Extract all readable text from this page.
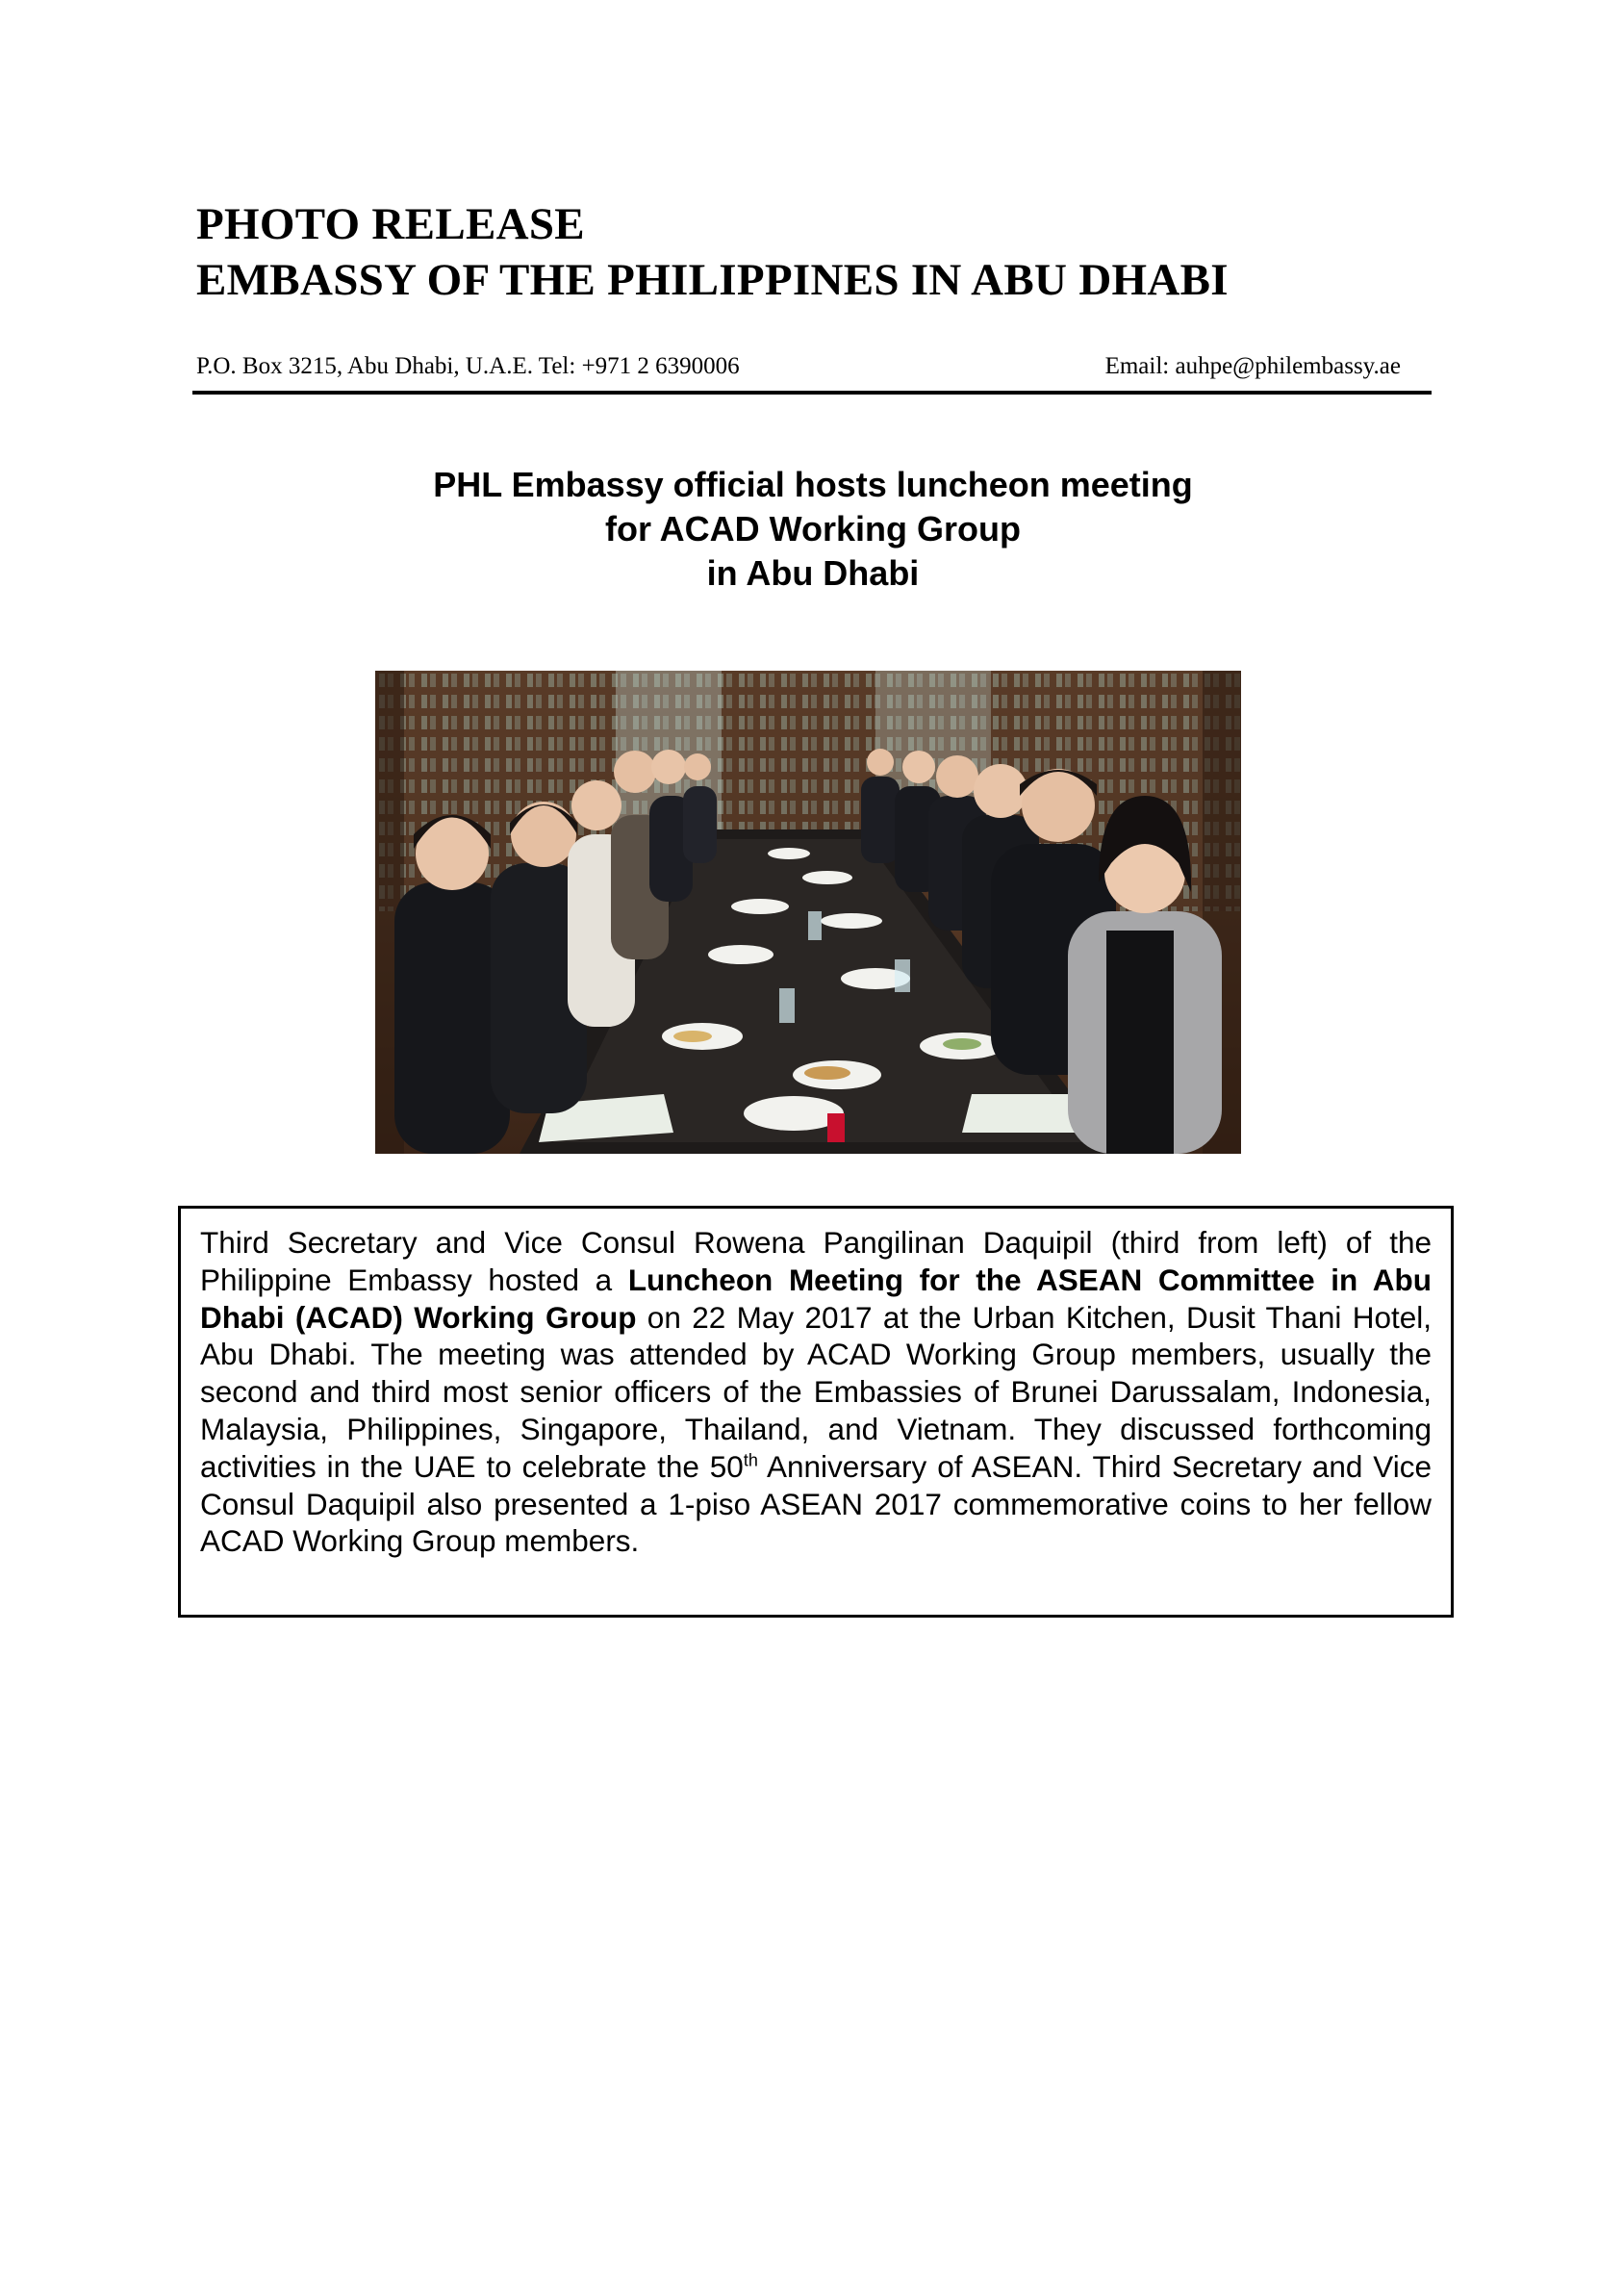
PHOTO RELEASE
EMBASSY OF THE PHILIPPINES IN ABU DHABI
P.O. Box 3215, Abu Dhabi, U.A.E. Tel: +971 2 6390006	Email: auhpe@philembassy.ae
PHL Embassy official hosts luncheon meeting
for ACAD Working Group
in Abu Dhabi
Third Secretary and Vice Consul Rowena Pangilinan Daquipil (third from left) of the Philippine Embassy hosted a Luncheon Meeting for the ASEAN Committee in Abu Dhabi (ACAD) Working Group on 22 May 2017 at the Urban Kitchen, Dusit Thani Hotel, Abu Dhabi. The meeting was attended by ACAD Working Group members, usually the second and third most senior officers of the Embassies of Brunei Darussalam, Indonesia, Malaysia, Philippines, Singapore, Thailand, and Vietnam. They discussed forthcoming activities in the UAE to celebrate the 50th Anniversary of ASEAN. Third Secretary and Vice Consul Daquipil also presented a 1-piso ASEAN 2017 commemorative coins to her fellow ACAD Working Group members.
